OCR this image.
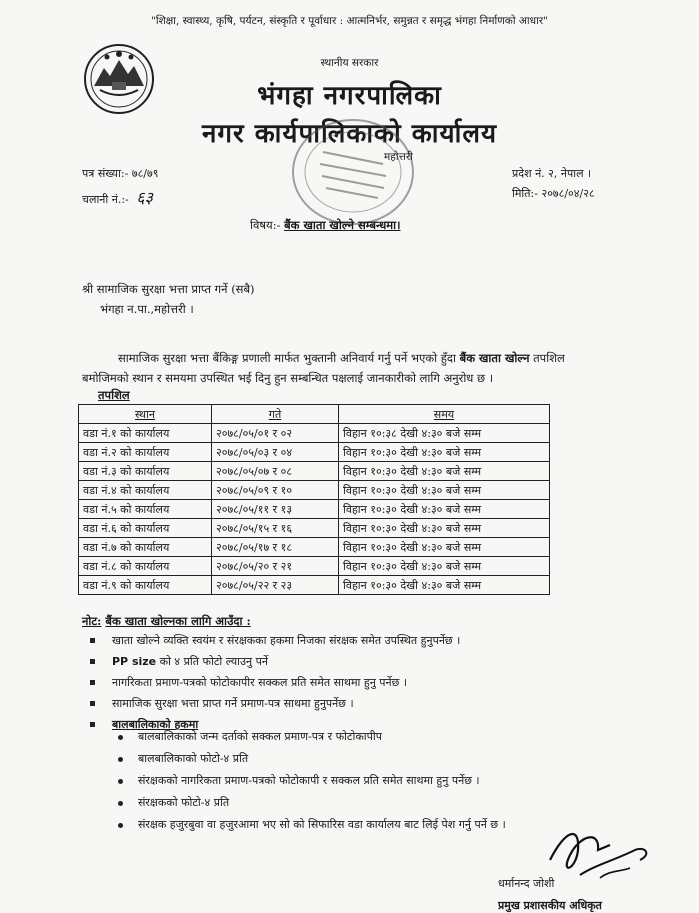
"शिक्षा, स्वास्थ्य, कृषि, पर्यटन, संस्कृति र पूर्वाधार : आत्मनिर्भर, समुन्नत र समृद्ध भंगहा निर्माणको आधार"
स्थानीय सरकार
भंगहा नगरपालिका
नगर कार्यपालिकाको कार्यालय
महोत्तरी
पत्र संख्या:- ७८/७९
चलानी नं.:- ६३
प्रदेश नं. २, नेपाल ।
मिति:- २०७८/०४/२८
विषय:- बैंक खाता खोल्ने सम्बन्धमा।
श्री सामाजिक सुरक्षा भत्ता प्राप्त गर्ने (सबै)
भंगहा न.पा.,महोत्तरी ।
सामाजिक सुरक्षा भत्ता बैंकिङ्ग प्रणाली मार्फत भुक्तानी अनिवार्य गर्नु पर्ने भएको हुँदा बैंक खाता खोल्न तपशिल बमोजिमको स्थान र समयमा उपस्थित भई दिनु हुन सम्बन्धित पक्षलाई जानकारीको लागि अनुरोध छ ।
तपशिल
स्थान	गते	समय
वडा नं.१ को कार्यालय	२०७८/०५/०१ र ०२	विहान १०:३८ देखी ४:३० बजे सम्म
वडा नं.२ को कार्यालय	२०७८/०५/०३ र ०४	विहान १०:३० देखी ४:३० बजे सम्म
वडा नं.३ को कार्यालय	२०७८/०५/०७ र ०८	विहान १०:३० देखी ४:३० बजे सम्म
वडा नं.४ को कार्यालय	२०७८/०५/०९ र १०	विहान १०:३० देखी ४:३० बजे सम्म
वडा नं.५ को कार्यालय	२०७८/०५/११ र १३	विहान १०:३० देखी ४:३० बजे सम्म
वडा नं.६ को कार्यालय	२०७८/०५/१५ र १६	विहान १०:३० देखी ४:३० बजे सम्म
वडा नं.७ को कार्यालय	२०७८/०५/१७ र १८	विहान १०:३० देखी ४:३० बजे सम्म
वडा नं.८ को कार्यालय	२०७८/०५/२० र २१	विहान १०:३० देखी ४:३० बजे सम्म
वडा नं.९ को कार्यालय	२०७८/०५/२२ र २३	विहान १०:३० देखी ४:३० बजे सम्म
नोट: बैंक खाता खोल्नका लागि आउँदा :
खाता खोल्ने व्यक्ति स्वयंम र संरक्षकका हकमा निजका संरक्षक समेत उपस्थित हुनुपर्नेछ ।
PP size को ४ प्रति फोटो ल्याउनु पर्ने
नागरिकता प्रमाण-पत्रको फोटोकापीर सक्कल प्रति समेत साथमा हुनु पर्नेछ ।
सामाजिक सुरक्षा भत्ता प्राप्त गर्ने प्रमाण-पत्र साथमा हुनुपर्नेछ ।
बालबालिकाको हकमा
बालबालिकाको जन्म दर्ताको सक्कल प्रमाण-पत्र र फोटोकापीप
बालबालिकाको फोटो-४ प्रति
संरक्षकको नागरिकता प्रमाण-पत्रको फोटोकापी र सक्कल प्रति समेत साथमा हुनु पर्नेछ ।
संरक्षकको फोटो-४ प्रति
संरक्षक हजुरबुवा वा हजुरआमा भए सो को सिफारिस वडा कार्यालय बाट लिई पेश गर्नु पर्ने छ ।
धर्मानन्द जोशी
प्रमुख प्रशासकीय अधिकृत
